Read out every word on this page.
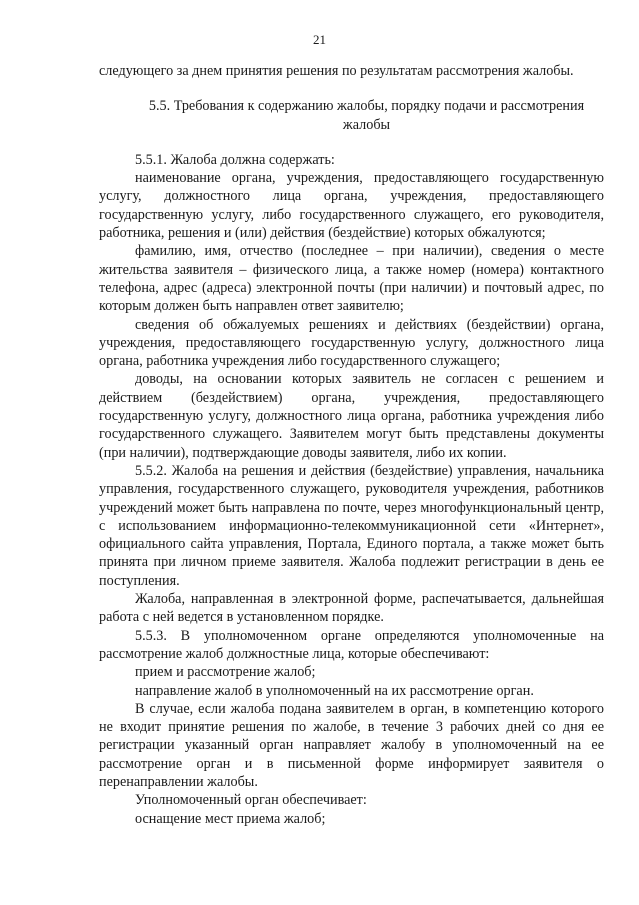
21

следующего за днем принятия решения по результатам рассмотрения жалобы.

5.5. Требования к содержанию жалобы, порядку подачи и рассмотрения жалобы

5.5.1. Жалоба должна содержать:

наименование органа, учреждения, предоставляющего государственную услугу, должностного лица органа, учреждения, предоставляющего государственную услугу, либо государственного служащего, его руководителя, работника, решения и (или) действия (бездействие) которых обжалуются;

фамилию, имя, отчество (последнее – при наличии), сведения о месте жительства заявителя – физического лица, а также номер (номера) контактного телефона, адрес (адреса) электронной почты (при наличии) и почтовый адрес, по которым должен быть направлен ответ заявителю;

сведения об обжалуемых решениях и действиях (бездействии) органа, учреждения, предоставляющего государственную услугу, должностного лица органа, работника учреждения либо государственного служащего;

доводы, на основании которых заявитель не согласен с решением и действием (бездействием) органа, учреждения, предоставляющего государственную услугу, должностного лица органа, работника учреждения либо государственного служащего. Заявителем могут быть представлены документы (при наличии), подтверждающие доводы заявителя, либо их копии.

5.5.2. Жалоба на решения и действия (бездействие) управления, начальника управления, государственного служащего, руководителя учреждения, работников учреждений может быть направлена по почте, через многофункциональный центр, с использованием информационно-телекоммуникационной сети «Интернет», официального сайта управления, Портала, Единого портала, а также может быть принята при личном приеме заявителя. Жалоба подлежит регистрации в день ее поступления.

Жалоба, направленная в электронной форме, распечатывается, дальнейшая работа с ней ведется в установленном порядке.

5.5.3. В уполномоченном органе определяются уполномоченные на рассмотрение жалоб должностные лица, которые обеспечивают:

прием и рассмотрение жалоб;

направление жалоб в уполномоченный на их рассмотрение орган.

В случае, если жалоба подана заявителем в орган, в компетенцию которого не входит принятие решения по жалобе, в течение 3 рабочих дней со дня ее регистрации указанный орган направляет жалобу в уполномоченный на ее рассмотрение орган и в письменной форме информирует заявителя о перенаправлении жалобы.

Уполномоченный орган обеспечивает:

оснащение мест приема жалоб;
